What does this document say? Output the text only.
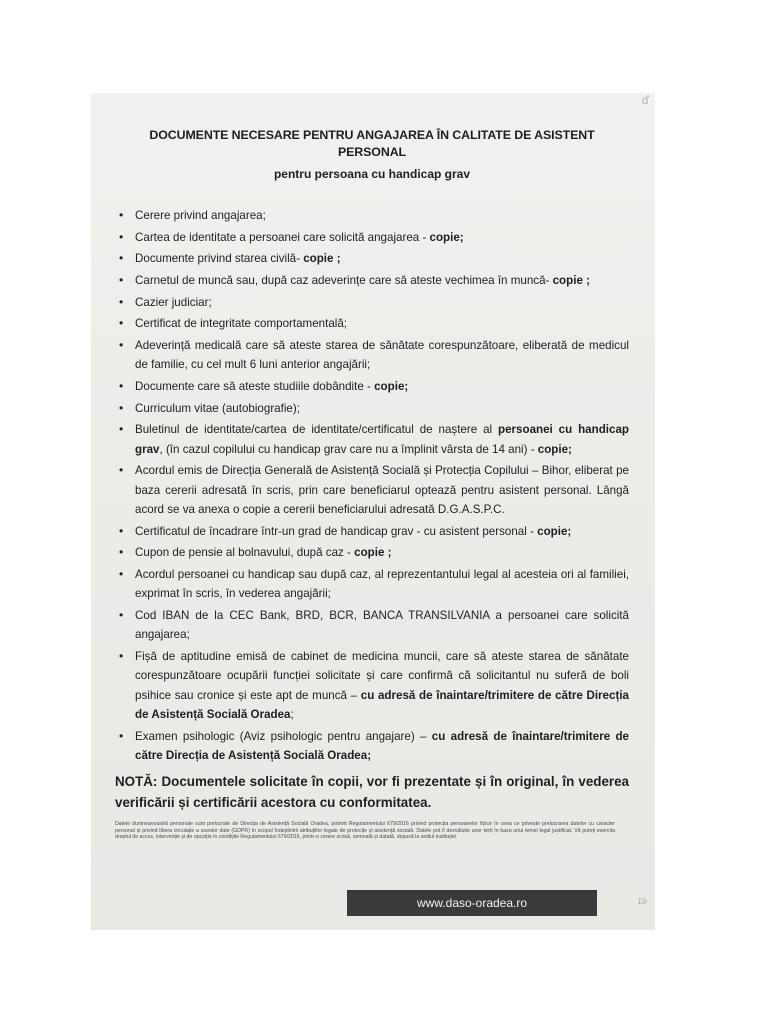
ď
DOCUMENTE NECESARE PENTRU ANGAJAREA ÎN CALITATE DE ASISTENT PERSONAL
pentru persoana cu handicap grav
• Cerere privind angajarea;
• Cartea de identitate a persoanei care solicită angajarea - copie;
• Documente privind starea civilă- copie ;
• Carnetul de muncă sau, după caz adeverințe care să ateste vechimea în muncă- copie ;
• Cazier judiciar;
• Certificat de integritate comportamentală;
• Adeverință medicală care să ateste starea de sănătate corespunzătoare, eliberată de medicul de familie, cu cel mult 6 luni anterior angajării;
• Documente care să ateste studiile dobândite - copie;
• Curriculum vitae (autobiografie);
• Buletinul de identitate/cartea de identitate/certificatul de naștere al persoanei cu handicap grav, (în cazul copilului cu handicap grav care nu a împlinit vârsta de 14 ani) - copie;
• Acordul emis de Direcția Generală de Asistență Socială și Protecția Copilului – Bihor, eliberat pe baza cererii adresată în scris, prin care beneficiarul optează pentru asistent personal. Lângă acord se va anexa o copie a cererii beneficiarului adresată D.G.A.S.P.C.
• Certificatul de încadrare într-un grad de handicap grav - cu asistent personal - copie;
• Cupon de pensie al bolnavului, după caz - copie ;
• Acordul persoanei cu handicap sau după caz, al reprezentantului legal al acesteia ori al familiei, exprimat în scris, în vederea angajării;
• Cod IBAN de la CEC Bank, BRD, BCR, BANCA TRANSILVANIA a persoanei care solicită angajarea;
• Fișă de aptitudine emisă de cabinet de medicina muncii, care să ateste starea de sănătate corespunzătoare ocupării funcției solicitate și care confirmă că solicitantul nu suferă de boli psihice sau cronice și este apt de muncă – cu adresă de înaintare/trimitere de către Direcția de Asistență Socială Oradea;
• Examen psihologic (Aviz psihologic pentru angajare) – cu adresă de înaintare/trimitere de către Direcția de Asistență Socială Oradea;

NOTĂ: Documentele solicitate în copii, vor fi prezentate și în original, în vederea verificării și certificării acestora cu conformitatea.

Datele dumneavoastră personale sunt prelucrate de Direcția de Asistență Socială Oradea, potrivit Regulamentului 679/2016 privind protecția persoanelor fizice în ceea ce privește prelucrarea datelor cu caracter personal și privind libera circulație a acestor date (GDPR) în scopul îndeplinirii atribuțiilor legale de protecție și asistență socială. Datele pot fi dezvăluite unor terți în baza unui temei legal justificat. Vă puteți exercita dreptul de acces, intervenție și de opoziție în condițiile Regulamentului 679/2016, printr-o cerere scrisă, semnată și datată, depusă la sediul instituției.

www.daso-oradea.ro	ɪə
